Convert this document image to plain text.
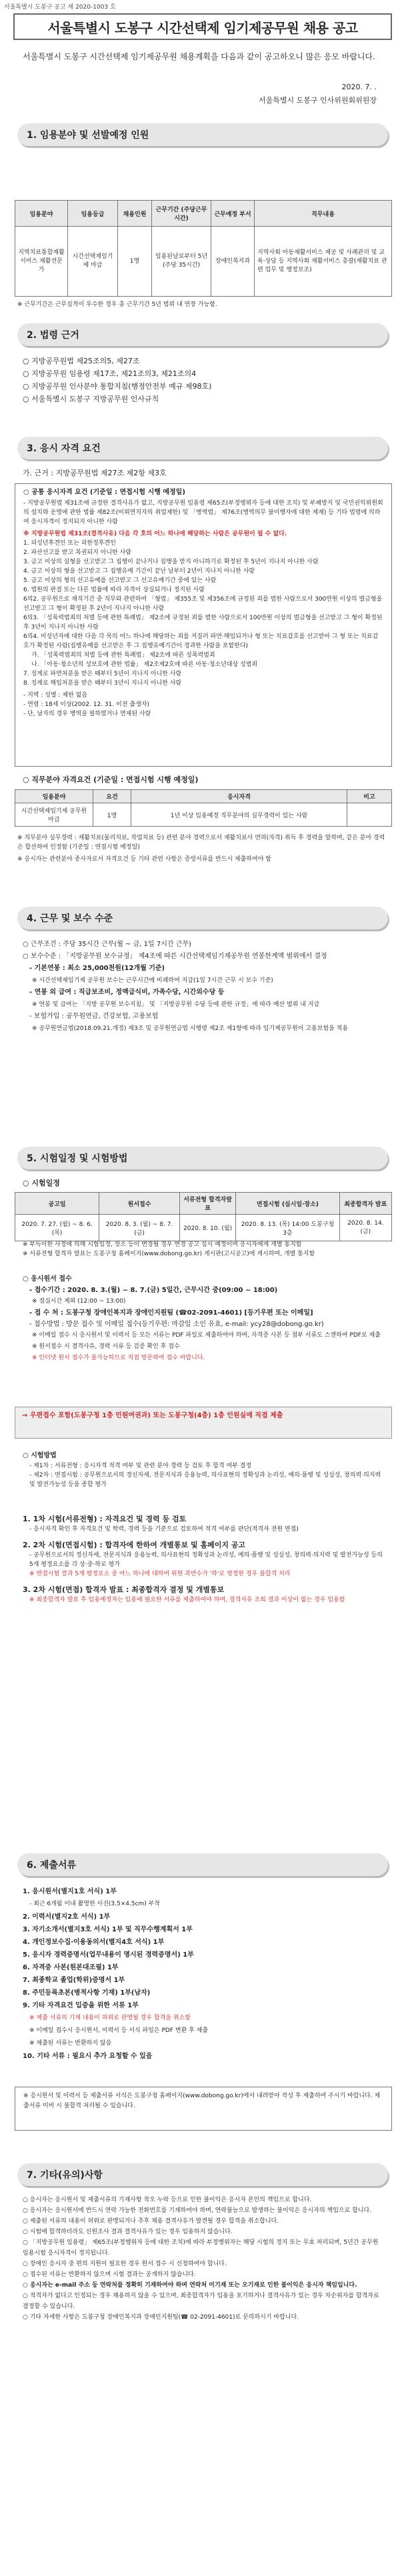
서울특별시 도봉구 공고 제 2020-1003 호
서울특별시 도봉구 시간선택제 임기제공무원 채용 공고
서울특별시 도봉구 시간선택제 임기제공무원 채용계획을 다음과 같이 공고하오니 많은 응모 바랍니다.
2020. 7. .
서울특별시 도봉구 인사위원회위원장
1. 임용분야 및 선발예정 인원
임용분야	임용등급	채용인원	근무기간 (주당근무시간)	근무예정 부서	직무내용
지역치료통합재활서비스 재활전문가	시간선택제임기제 마급	1명	임용된날로부터 5년 (주당 35시간)	장애인복지과	지역사회 아동재활서비스 제공 및 사례관리 및 교육·상담 등 지역사회 재활서비스 총괄(재활치료 관련 업무 및 행정보조)
※ 근무기간은 근무실적이 우수한 경우 총 근무기간 5년 범위 내 연장 가능함.
2. 법령 근거
○ 지방공무원법 제25조의5, 제27조
○ 지방공무원 임용령 제17조, 제21조의3, 제21조의4
○ 지방공무원 인사분야 통합지침(행정안전부 예규 제98호)
○ 서울특별시 도봉구 지방공무원 인사규칙
3. 응시 자격 요건
가. 근거 : 지방공무원법 제27조 제2항 제3호
○ 공통 응시자격 요건 (기준일 : 면접시험 시행 예정일)
- 지방공무원법 제31조에 규정한 결격사유가 없고, 지방공무원 임용령 제65조(부정행위자 등에 대한 조치) 및 부패방지 및 국민권익위원회의 설치와 운영에 관한 법률 제82조(비위면직자의 취업제한) 및 「병역법」 제76조(병역의무 불이행자에 대한 제재) 등 기타 법령에 의하여 응시자격이 정지되지 아니한 사람
※ 지방공무원법 제31조(결격사유) 다음 각 호의 어느 하나에 해당하는 사람은 공무원이 될 수 없다.
1. 피성년후견인 또는 피한정후견인
2. 파산선고를 받고 복권되지 아니한 사람
3. 금고 이상의 실형을 선고받고 그 집행이 끝나거나 집행을 받지 아니하기로 확정된 후 5년이 지나지 아니한 사람
4. 금고 이상의 형을 선고받고 그 집행유예 기간이 끝난 날부터 2년이 지나지 아니한 사람
5. 금고 이상의 형의 선고유예를 선고받고 그 선고유예기간 중에 있는 사람
6. 법원의 판결 또는 다른 법률에 따라 자격이 상실되거나 정지된 사람
6의2. 공무원으로 재직기간 중 직무와 관련하여 「형법」 제355조 및 제356조에 규정된 죄를 범한 사람으로서 300만원 이상의 벌금형을 선고받고 그 형이 확정된 후 2년이 지나지 아니한 사람
6의3. 「성폭력범죄의 처벌 등에 관한 특례법」 제2조에 규정된 죄를 범한 사람으로서 100만원 이상의 벌금형을 선고받고 그 형이 확정된 후 3년이 지나지 아니한 사람
6의4. 미성년자에 대한 다음 각 목의 어느 하나에 해당하는 죄를 저질러 파면·해임되거나 형 또는 치료감호를 선고받아 그 형 또는 치료감호가 확정된 사람(집행유예를 선고받은 후 그 집행유예기간이 경과한 사람을 포함한다)
가. 「성폭력범죄의 처벌 등에 관한 특례법」 제2조에 따른 성폭력범죄
나. 「아동·청소년의 성보호에 관한 법률」 제2조제2호에 따른 아동·청소년대상 성범죄
7. 징계로 파면처분을 받은 때부터 5년이 지나지 아니한 사람
8. 징계로 해임처분을 받은 때부터 3년이 지나지 아니한 사람
- 지역 : 성별 : 제한 없음
- 연령 : 18세 이상(2002. 12. 31. 이전 출생자)
- 단, 남자의 경우 병역을 필하였거나 면제된 사람
○ 직무분야 자격요건 (기준일 : 면접시험 시행 예정일)
임용분야	요건	응시자격	비고
시간선택제임기제 공무원 마급	1명	1년 이상 임용예정 직무분야의 실무경력이 있는 사람	
※ 직무분야 실무경력 : 재활치료(물리치료, 작업치료 등) 관련 분야 경력으로서 재활치료사 면허(자격) 취득 후 경력을 말하며, 같은 분야 경력은 합산하여 인정함 (기준일 : 면접시험 예정일)
※ 응시자는 관련분야 종사자로서 자격요건 등 기타 관련 사항은 증빙서류를 반드시 제출하여야 함
4. 근무 및 보수 수준
○ 근무조건 : 주당 35시간 근무(월 ~ 금, 1일 7시간 근무)
○ 보수수준 : 「지방공무원 보수규정」 제4조에 따른 시간선택제임기제공무원 연봉한계액 범위에서 결정
- 기본연봉 : 최소 25,000천원(12개월 기준)
※ 시간선택제임기제 공무원 보수는 근무시간에 비례하여 지급(1일 7시간 근무 시 보수 기준)
- 연봉 외 급여 : 직급보조비, 정액급식비, 가족수당, 시간외수당 등
※ 연봉 및 급여는 「지방 공무원 보수지침」 및 「지방공무원 수당 등에 관한 규정」에 따라 예산 범위 내 지급
- 보험가입 : 공무원연금, 건강보험, 고용보험
※ 공무원연금법(2018.09.21.개정) 제3조 및 공무원연금법 시행령 제2조 제1항에 따라 임기제공무원이 고용보험을 적용
5. 시험일정 및 시험방법
○ 시험일정
공고일	원서접수	서류전형 합격자발표	면접시험 (실시일·장소)	최종합격자 발표
2020. 7. 27. (월) ~ 8. 6. (목)	2020. 8. 3. (월) ~ 8. 7. (금)	2020. 8. 10. (월)	2020. 8. 13. (목) 14:00 도봉구청 3층	2020. 8. 14. (금)
※ 부득이한 사정에 의해 시험일정, 장소 등이 변경될 경우 변경 공고 실시 예정이며 응시자에게 개별 통지함
※ 서류전형 합격자 발표는 도봉구청 홈페이지(www.dobong.go.kr) 게시판(고시공고)에 게시하며, 개별 통지함
○ 응시원서 접수
- 접수기간 : 2020. 8. 3.(월) ~ 8. 7.(금) 5일간, 근무시간 중(09:00 ~ 18:00)
※ 점심시간 제외 (12:00 ~ 13:00)
- 접 수 처 : 도봉구청 장애인복지과 장애인지원팀 (☎02-2091-4601) [등기우편 또는 이메일]
- 접수방법 : 방문 접수 및 이메일 접수(등기우편: 마감일 소인 유효, e-mail: ycy28@dobong.go.kr)
※ 이메일 접수 시 응시원서 및 이력서 등 모든 서류는 PDF 파일로 제출하여야 하며, 자격증 사본 등 첨부 서류도 스캔하여 PDF로 제출
※ 원서접수 시 결격사유, 경력 서류 등 검증 확인 후 접수
※ 인터넷 원서 접수가 불가능하므로 직접 방문하여 접수 바랍니다.
→ 우편접수 포함(도봉구청 1층 민원여권과) 또는 도봉구청(4층) 1층 인원실에 직접 제출
○ 시험방법
- 제1차 : 서류전형 : 응시자격 적격 여부 및 관련 분야 경력 등 검토 후 합격 여부 결정
- 제2차 : 면접시험 : 공무원으로서의 정신자세, 전문지식과 응용능력, 의사표현의 정확성과 논리성, 예의·품행 및 성실성, 창의력·의지력 및 발전가능성 등을 종합 평가
1. 1차 시험(서류전형) : 자격요건 및 경력 등 검토
- 응시자격 확인 후 자격요건 및 학력, 경력 등을 기준으로 검토하여 적격 여부를 판단(적격자 전원 면접)
2. 2차 시험(면접시험) : 합격자에 한하여 개별통보 및 홈페이지 공고
- 공무원으로서의 정신자세, 전문지식과 응용능력, 의사표현의 정확성과 논리성, 예의·품행 및 성실성, 창의력·의지력 및 발전가능성 등의 5개 평정요소를 각 상·중·하로 평가
※ 면접시험 결과 5개 평정요소 중 어느 하나에 대하여 위원 과반수가 '하'로 평정한 경우 불합격 처리
3. 2차 시험(면접) 합격자 발표 : 최종합격자 결정 및 개별통보
※ 최종합격자 발표 후 임용예정자는 임용에 필요한 서류를 제출하여야 하며, 결격사유 조회 결과 이상이 없는 경우 임용함
6. 제출서류
1. 응시원서(별지1호 서식) 1부
- 최근 6개월 이내 촬영한 사진(3.5×4.5cm) 부착
2. 이력서(별지2호 서식) 1부
3. 자기소개서(별지3호 서식) 1부 및 직무수행계획서 1부
4. 개인정보수집·이용동의서(별지4호 서식) 1부
5. 응시자 경력증명서(업무내용이 명시된 경력증명서) 1부
6. 자격증 사본(원본대조필) 1부
7. 최종학교 졸업(학위)증명서 1부
8. 주민등록초본(병적사항 기재) 1부(남자)
9. 기타 자격요건 입증을 위한 서류 1부
※ 제출 서류의 기재 내용이 허위로 판명될 경우 합격을 취소함
※ 이메일 접수시 응시원서, 이력서 등 서식 파일은 PDF 변환 후 제출
※ 제출된 서류는 반환하지 않음
10. 기타 서류 : 필요시 추가 요청할 수 있음
※ 응시원서 및 이력서 등 제출서류 서식은 도봉구청 홈페이지(www.dobong.go.kr)에서 내려받아 작성 후 제출하여 주시기 바랍니다. 제출서류 미비 시 불합격 처리될 수 있습니다.
7. 기타(유의)사항
○ 응시자는 응시원서 및 제출서류의 기재사항 착오 누락 등으로 인한 불이익은 응시자 본인의 책임으로 합니다.
○ 응시자는 응시원서에 반드시 연락 가능한 전화번호를 기재하여야 하며, 연락불능으로 발생하는 불이익은 응시자의 책임으로 합니다.
○ 제출된 서류의 내용이 허위로 판명되거나 추후 채용 결격사유가 발견될 경우 합격을 취소합니다.
○ 시험에 합격하더라도 신원조사 결과 결격사유가 있는 경우 임용하지 않습니다.
○ 「지방공무원 임용령」 제65조(부정행위자 등에 대한 조치)에 따라 부정행위자는 해당 시험의 정지 또는 무효 처리되며, 5년간 공무원 임용시험 응시자격이 정지됩니다.
○ 장애인 응시자 중 편의 지원이 필요한 경우 원서 접수 시 신청하여야 합니다.
○ 접수된 서류는 반환하지 않으며 시험 결과는 공개하지 않습니다.
○ 응시자는 e-mail 주소 등 연락처를 정확히 기재하여야 하며 연락처 미기재 또는 오기재로 인한 불이익은 응시자 책임입니다.
○ 적격자가 없다고 인정되는 경우 채용하지 않을 수 있으며, 최종합격자가 임용을 포기하거나 결격사유가 있는 경우 차순위자를 합격자로 결정할 수 있습니다.
○ 기타 자세한 사항은 도봉구청 장애인복지과 장애인지원팀(☎ 02-2091-4601)로 문의하시기 바랍니다.
